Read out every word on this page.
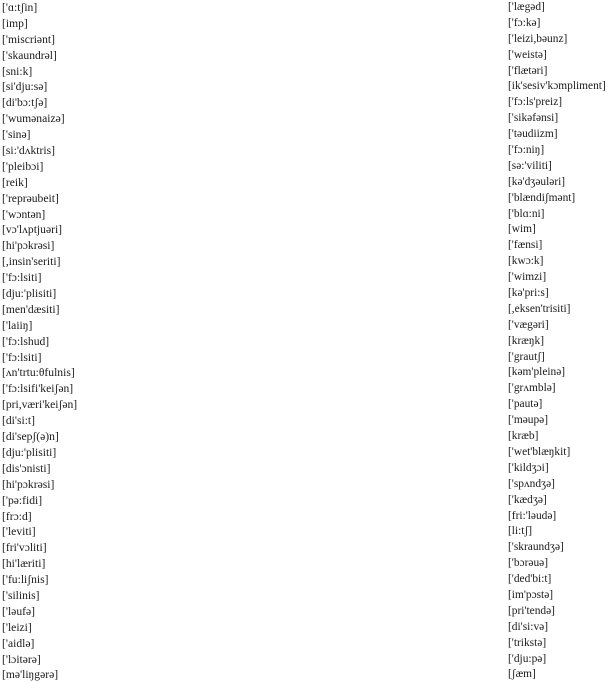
['ɑ:tʃin]
[imp]
['miscriənt]
['skaundrəl]
[sni:k]
[si'dju:sə]
[di'bɔ:tʃə]
['wumənaizə]
['sinə]
[si:'dʌktris]
['pleibɔi]
[reik]
['reprəubeit]
['wɔntən]
[vɔ'lʌptjuəri]
[hi'pɔkrəsi]
[,insin'seriti]
['fɔ:lsiti]
[dju:'plisiti]
[men'dæsiti]
['laiiŋ]
['fɔ:lshud]
['fɔ:lsiti]
[ʌn'trtu:θfulnis]
['fɔ:lsifi'keiʃən]
[pri,væri'keiʃən]
[di'si:t]
[di'sepʃ(ə)n]
[dju:'plisiti]
[dis'ɔnisti]
[hi'pɔkrəsi]
['pə:fidi]
[frɔ:d]
['leviti]
[fri'vɔliti]
[hi'læriti]
['fu:liʃnis]
['silinis]
['ləufə]
['leizi]
['aidlə]
['lɔitərə]
[mə'liŋgərə]
['lægəd]
['fɔ:kə]
['leizi,bəunz]
['weistə]
['flætəri]
[ik'sesiv'kɔmpliment]
['fɔ:ls'preiz]
['sikəfənsi]
['təudiizm]
['fɔ:niŋ]
[sə:'viliti]
[kə'dʒəuləri]
['blændiʃmənt]
['blɑ:ni]
[wim]
['fænsi]
[kwɔ:k]
['wimzi]
[kə'pri:s]
[,eksen'trisiti]
['vægəri]
[kræŋk]
['grautʃ]
[kəm'pleinə]
['grʌmblə]
['pautə]
['məupə]
[kræb]
['wet'blæŋkit]
['kildʒɔi]
['spʌndʒə]
['kædʒə]
[fri:'ləudə]
[li:tʃ]
['skraundʒə]
['bɔrəuə]
['ded'bi:t]
[im'pɔstə]
[pri'tendə]
[di'si:və]
['trikstə]
['dju:pə]
[ʃæm]
